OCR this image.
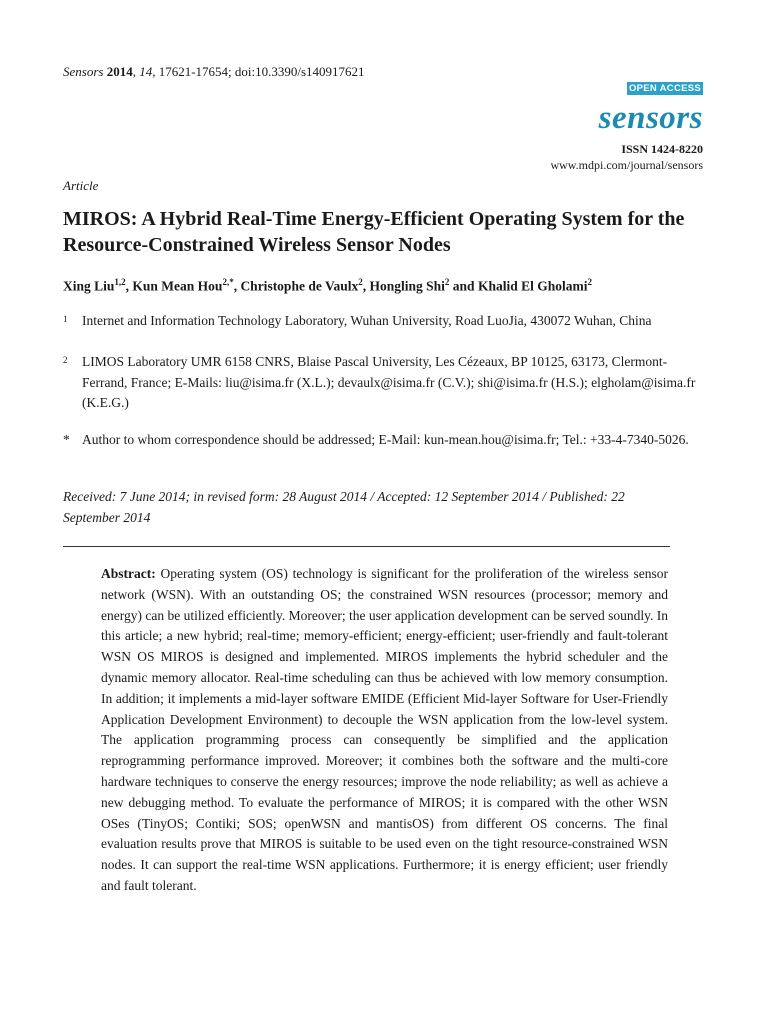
Sensors 2014, 14, 17621-17654; doi:10.3390/s140917621
OPEN ACCESS
sensors
ISSN 1424-8220
www.mdpi.com/journal/sensors
Article
MIROS: A Hybrid Real-Time Energy-Efficient Operating System for the Resource-Constrained Wireless Sensor Nodes
Xing Liu$^{1,2}$, Kun Mean Hou$^{2,*}$, Christophe de Vaulx$^2$, Hongling Shi$^2$ and Khalid El Gholami$^2$
1 Internet and Information Technology Laboratory, Wuhan University, Road LuoJia, 430072 Wuhan, China
2 LIMOS Laboratory UMR 6158 CNRS, Blaise Pascal University, Les Cézeaux, BP 10125, 63173, Clermont-Ferrand, France; E-Mails: liu@isima.fr (X.L.); devaulx@isima.fr (C.V.); shi@isima.fr (H.S.); elgholam@isima.fr (K.E.G.)
* Author to whom correspondence should be addressed; E-Mail: kun-mean.hou@isima.fr; Tel.: +33-4-7340-5026.
Received: 7 June 2014; in revised form: 28 August 2014 / Accepted: 12 September 2014 / Published: 22 September 2014
Abstract: Operating system (OS) technology is significant for the proliferation of the wireless sensor network (WSN). With an outstanding OS; the constrained WSN resources (processor; memory and energy) can be utilized efficiently. Moreover; the user application development can be served soundly. In this article; a new hybrid; real-time; memory-efficient; energy-efficient; user-friendly and fault-tolerant WSN OS MIROS is designed and implemented. MIROS implements the hybrid scheduler and the dynamic memory allocator. Real-time scheduling can thus be achieved with low memory consumption. In addition; it implements a mid-layer software EMIDE (Efficient Mid-layer Software for User-Friendly Application Development Environment) to decouple the WSN application from the low-level system. The application programming process can consequently be simplified and the application reprogramming performance improved. Moreover; it combines both the software and the multi-core hardware techniques to conserve the energy resources; improve the node reliability; as well as achieve a new debugging method. To evaluate the performance of MIROS; it is compared with the other WSN OSes (TinyOS; Contiki; SOS; openWSN and mantisOS) from different OS concerns. The final evaluation results prove that MIROS is suitable to be used even on the tight resource-constrained WSN nodes. It can support the real-time WSN applications. Furthermore; it is energy efficient; user friendly and fault tolerant.
